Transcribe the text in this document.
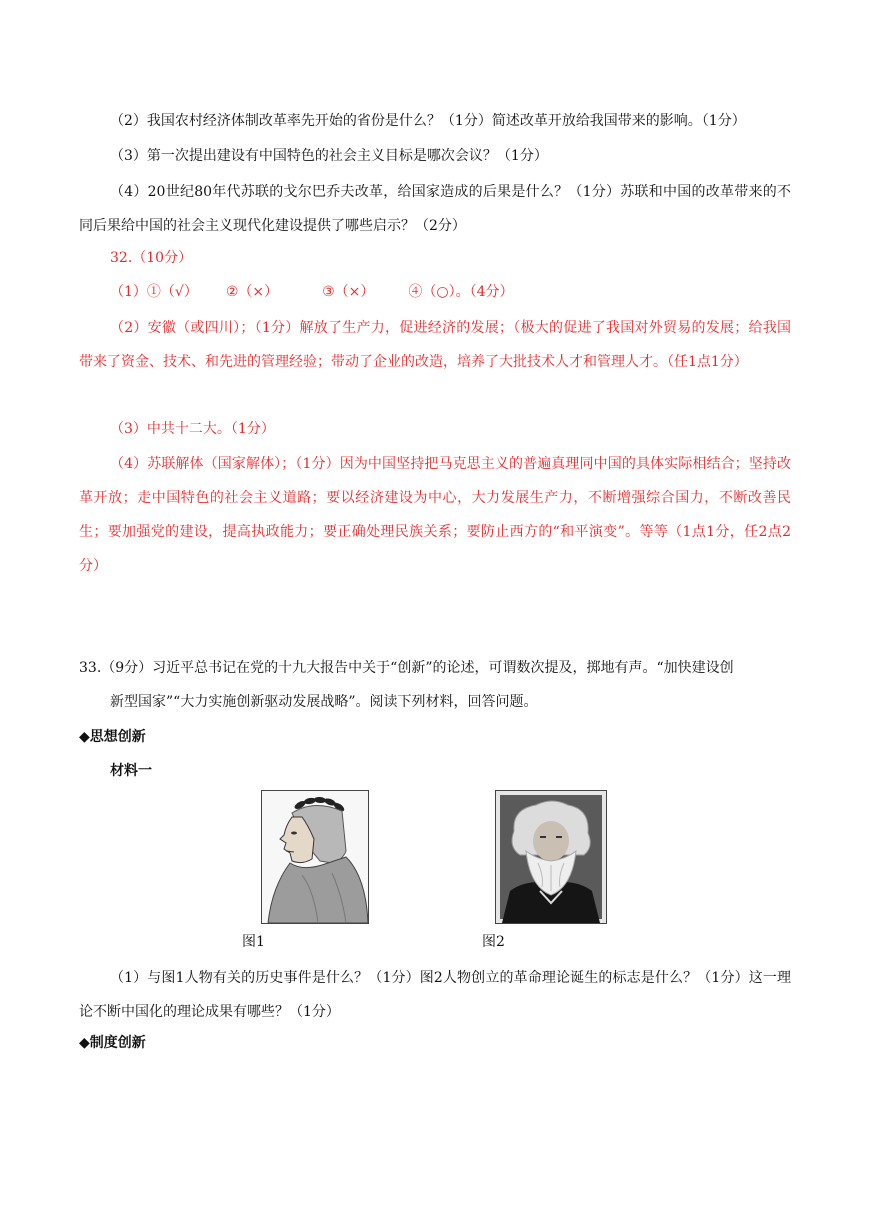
（2）我国农村经济体制改革率先开始的省份是什么？（1分）简述改革开放给我国带来的影响。（1分）
（3）第一次提出建设有中国特色的社会主义目标是哪次会议？（1分）
（4）20世纪80年代苏联的戈尔巴乔夫改革，给国家造成的后果是什么？（1分）苏联和中国的改革带来的不同后果给中国的社会主义现代化建设提供了哪些启示？（2分）
32.（10分）
（1）①（√） ②（×）	③（×） ④（○）。（4分）
（2）安徽（或四川）；（1分）解放了生产力，促进经济的发展；（极大的促进了我国对外贸易的发展；给我国带来了资金、技术、和先进的管理经验；带动了企业的改造，培养了大批技术人才和管理人才。（任1点1分）
（3）中共十二大。（1分）
（4）苏联解体（国家解体）；（1分）因为中国坚持把马克思主义的普遍真理同中国的具体实际相结合；坚持改革开放；走中国特色的社会主义道路；要以经济建设为中心，大力发展生产力，不断增强综合国力，不断改善民生；要加强党的建设，提高执政能力；要正确处理民族关系；要防止西方的“和平演变”。等等（1点1分，任2点2分）
33.（9分）习近平总书记在党的十九大报告中关于“创新”的论述，可谓数次提及，掷地有声。“加快建设创
新型国家”“大力实施创新驱动发展战略”。阅读下列材料，回答问题。
◆思想创新
材料一
图1	图2
（1）与图1人物有关的历史事件是什么？（1分）图2人物创立的革命理论诞生的标志是什么？（1分）这一理论不断中国化的理论成果有哪些？（1分）
◆制度创新
